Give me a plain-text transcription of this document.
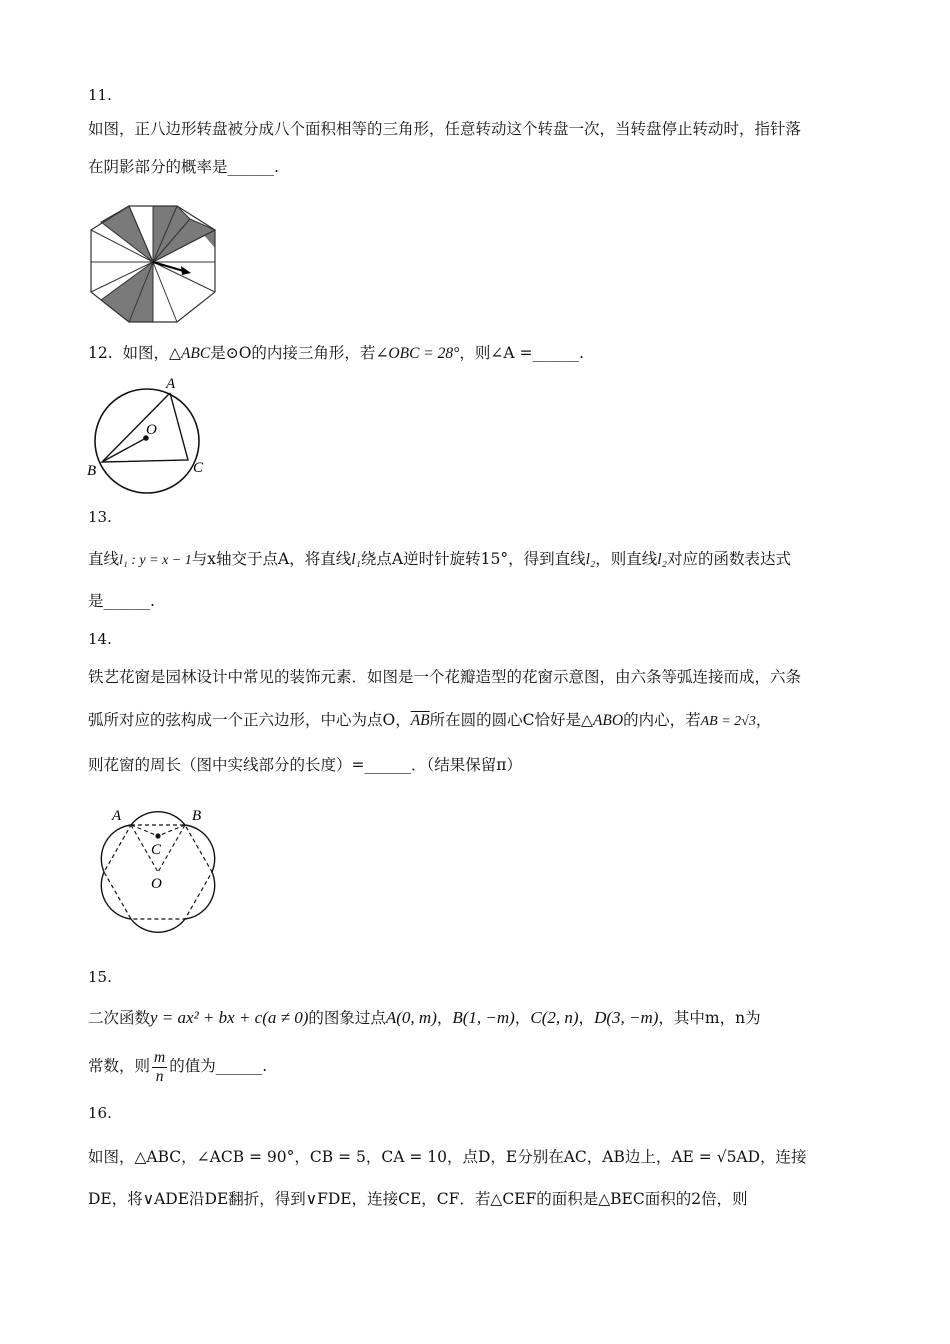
11.
如图，正八边形转盘被分成八个面积相等的三角形，任意转动这个转盘一次，当转盘停止转动时，指针落
在阴影部分的概率是______.
12. 如图，△ABC是⊙O的内接三角形，若∠OBC = 28°，则∠A =______.
A
O
B	C
13.
直线l₁ : y = x − 1与x轴交于点A，将直线l₁绕点A逆时针旋转15°，得到直线l₂，则直线l₂对应的函数表达式
是______.
14.
铁艺花窗是园林设计中常见的装饰元素．如图是一个花瓣造型的花窗示意图，由六条等弧连接而成，六条
弧所对应的弦构成一个正六边形，中心为点O，$\overline{AB}$所在圆的圆心C恰好是△ABO的内心，若AB = 2√3，
则花窗的周长（图中实线部分的长度）=______．（结果保留π）
A	B
C
O
15.
二次函数y = ax² + bx + c(a ≠ 0)的图象过点A(0, m)，B(1, −m)，C(2, n)，D(3, −m)，其中m，n为
常数，则 $\frac{m}{n}$ 的值为______.
16.
如图，△ABC，∠ACB = 90°，CB = 5，CA = 10，点D，E分别在AC，AB边上，AE = √5AD，连接
DE，将∨ADE沿DE翻折，得到∨FDE，连接CE，CF．若△CEF的面积是△BEC面积的2倍，则
